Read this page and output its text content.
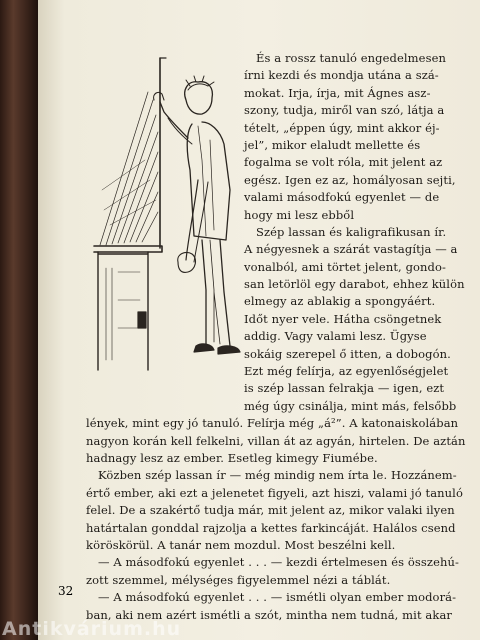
És a rossz tanuló engedelmesen
írni kezdi és mondja utána a szá-
mokat. Irja, írja, mit Ágnes asz-
szony, tudja, miről van szó, látja a
tételt, „éppen úgy, mint akkor éj-
jel”, mikor elaludt mellette és
fogalma se volt róla, mit jelent az
egész. Igen ez az, homályosan sejti,
valami másodfokú egyenlet — de
hogy mi lesz ebből
Szép lassan és kaligrafikusan ír.
A négyesnek a szárát vastagítja — a
vonalból, ami törtet jelent, gondo-
san letörlöl egy darabot, ehhez külön
elmegy az ablakig a spongyáért.
Időt nyer vele. Hátha csöngetnek
addig. Vagy valami lesz. Ügyse
sokáig szerepel ő itten, a dobogón.
Ezt még felírja, az egyenlőségjelet
is szép lassan felrakja — igen, ezt
még úgy csinálja, mint más, felsőbb
lények, mint egy jó tanuló. Felírja még „á²”. A katonaiskolában
nagyon korán kell felkelni, villan át az agyán, hirtelen. De aztán
hadnagy lesz az ember. Esetleg kimegy Fiumébe.
Közben szép lassan ír — még mindig nem írta le. Hozzánem-
értő ember, aki ezt a jelenetet figyeli, azt hiszi, valami jó tanuló
felel. De a szakértő tudja már, mit jelent az, mikor valaki ilyen
határtalan gonddal rajzolja a kettes farkincáját. Halálos csend
köröskörül. A tanár nem mozdul. Most beszélni kell.
— A másodfokú egyenlet . . . — kezdi értelmesen és összehú-
zott szemmel, mélységes figyelemmel nézi a táblát.
— A másodfokú egyenlet . . . — ismétli olyan ember modorá-
ban, aki nem azért ismétli a szót, mintha nem tudná, mit akar
32
Antikvárium.hu
